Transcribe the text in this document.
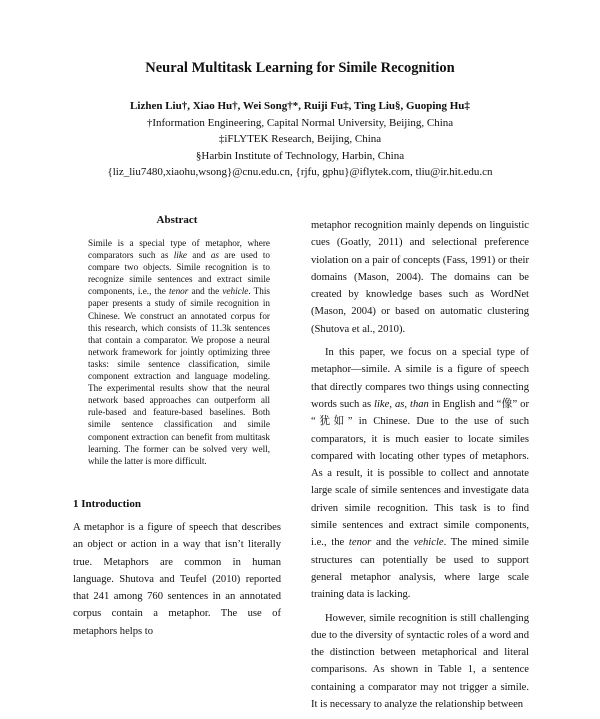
Neural Multitask Learning for Simile Recognition
Lizhen Liu†, Xiao Hu†, Wei Song†*, Ruiji Fu‡, Ting Liu§, Guoping Hu‡
†Information Engineering, Capital Normal University, Beijing, China
‡iFLYTEK Research, Beijing, China
§Harbin Institute of Technology, Harbin, China
{liz_liu7480,xiaohu,wsong}@cnu.edu.cn, {rjfu, gphu}@iflytek.com, tliu@ir.hit.edu.cn
Abstract

Simile is a special type of metaphor, where comparators such as like and as are used to compare two objects. Simile recognition is to recognize simile sentences and extract simile components, i.e., the tenor and the vehicle. This paper presents a study of simile recognition in Chinese. We construct an annotated corpus for this research, which consists of 11.3k sentences that contain a comparator. We propose a neural network framework for jointly optimizing three tasks: simile sentence classification, simile component extraction and language modeling. The experimental results show that the neural network based approaches can outperform all rule-based and feature-based baselines. Both simile sentence classification and simile component extraction can benefit from multitask learning. The former can be solved very well, while the latter is more difficult.

1 Introduction

A metaphor is a figure of speech that describes an object or action in a way that isn’t literally true. Metaphors are common in human language. Shutova and Teufel (2010) reported that 241 among 760 sentences in an annotated corpus contain a metaphor. The use of metaphors helps to

metaphor recognition mainly depends on linguistic cues (Goatly, 2011) and selectional preference violation on a pair of concepts (Fass, 1991) or their domains (Mason, 2004). The domains can be created by knowledge bases such as WordNet (Mason, 2004) or based on automatic clustering (Shutova et al., 2010).

In this paper, we focus on a special type of metaphor—simile. A simile is a figure of speech that directly compares two things using connecting words such as like, as, than in English and “像” or “犹如” in Chinese. Due to the use of such comparators, it is much easier to locate similes compared with locating other types of metaphors. As a result, it is possible to collect and annotate large scale of simile sentences and investigate data driven simile recognition. This task is to find simile sentences and extract simile components, i.e., the tenor and the vehicle. The mined simile structures can potentially be used to support general metaphor analysis, where large scale training data is lacking.

However, simile recognition is still challenging due to the diversity of syntactic roles of a word and the distinction between metaphorical and literal comparisons. As shown in Table 1, a sentence containing a comparator may not trigger a simile. It is necessary to analyze the relationship between
